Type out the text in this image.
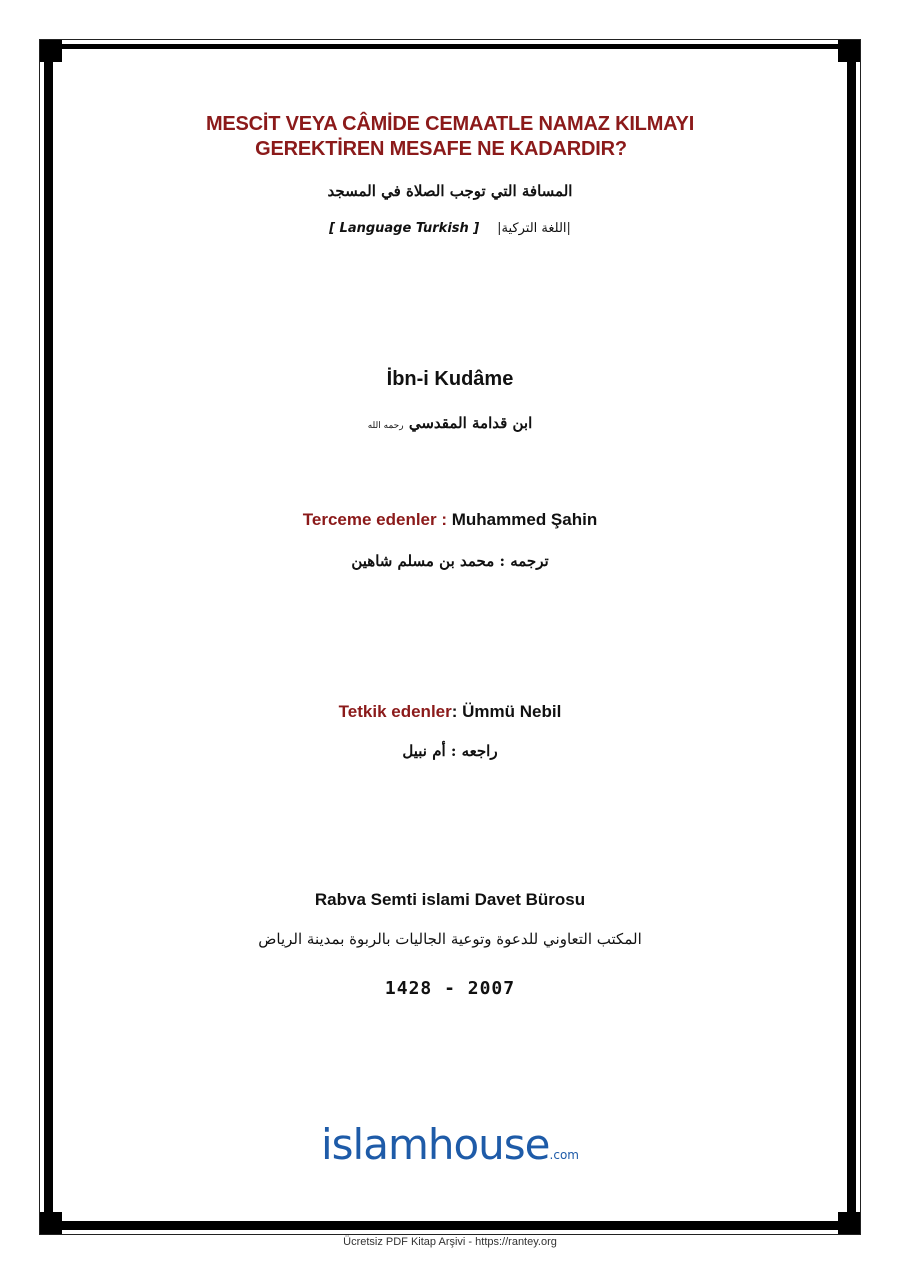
MESCİT VEYA CÂMİDE CEMAATLE NAMAZ KILMAYI

GEREKTİREN MESAFE NE KADARDIR?
المسافة التي توجب الصلاة في المسجد
[ Language Turkish ] |اللغة التركية|
İbn-i Kudâme
ابن قدامة المقدسي رحمه الله
Terceme edenler : Muhammed Şahin
ترجمه : محمد بن مسلم شاهين
Tetkik edenler: Ümmü Nebil
راجعه : أم نبيل
Rabva Semti islami Davet Bürosu
المكتب التعاوني للدعوة وتوعية الجاليات بالربوة بمدينة الرياض
1428 - 2007
islamhouse.com
Ücretsiz PDF Kitap Arşivi - https://rantey.org
